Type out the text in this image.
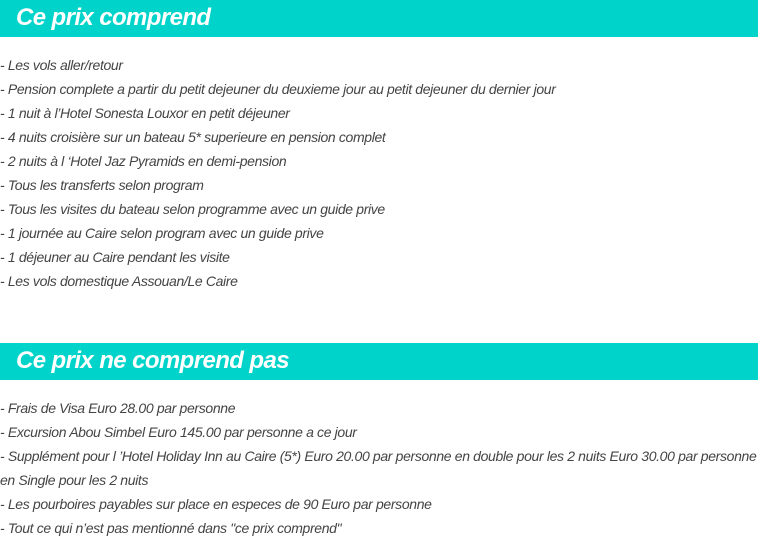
Ce prix comprend
- Les vols aller/retour
- Pension complete a partir du petit dejeuner du deuxieme jour au petit dejeuner du dernier jour
- 1 nuit à l’Hotel Sonesta Louxor en petit déjeuner
- 4 nuits croisière sur un bateau 5* superieure en pension complet
- 2 nuits à l ‘Hotel Jaz Pyramids en demi-pension
- Tous les transferts selon program
- Tous les visites du bateau selon programme avec un guide prive
- 1 journée au Caire selon program avec un guide prive
- 1 déjeuner au Caire pendant les visite
- Les vols domestique Assouan/Le Caire
Ce prix ne comprend pas
- Frais de Visa Euro 28.00 par personne
- Excursion Abou Simbel Euro 145.00 par personne a ce jour
- Supplément pour l ’Hotel Holiday Inn au Caire (5*) Euro 20.00 par personne en double pour les 2 nuits Euro 30.00 par personne en Single pour les 2 nuits
- Les pourboires payables sur place en especes de 90 Euro par personne
- Tout ce qui n’est pas mentionné dans "ce prix comprend"
